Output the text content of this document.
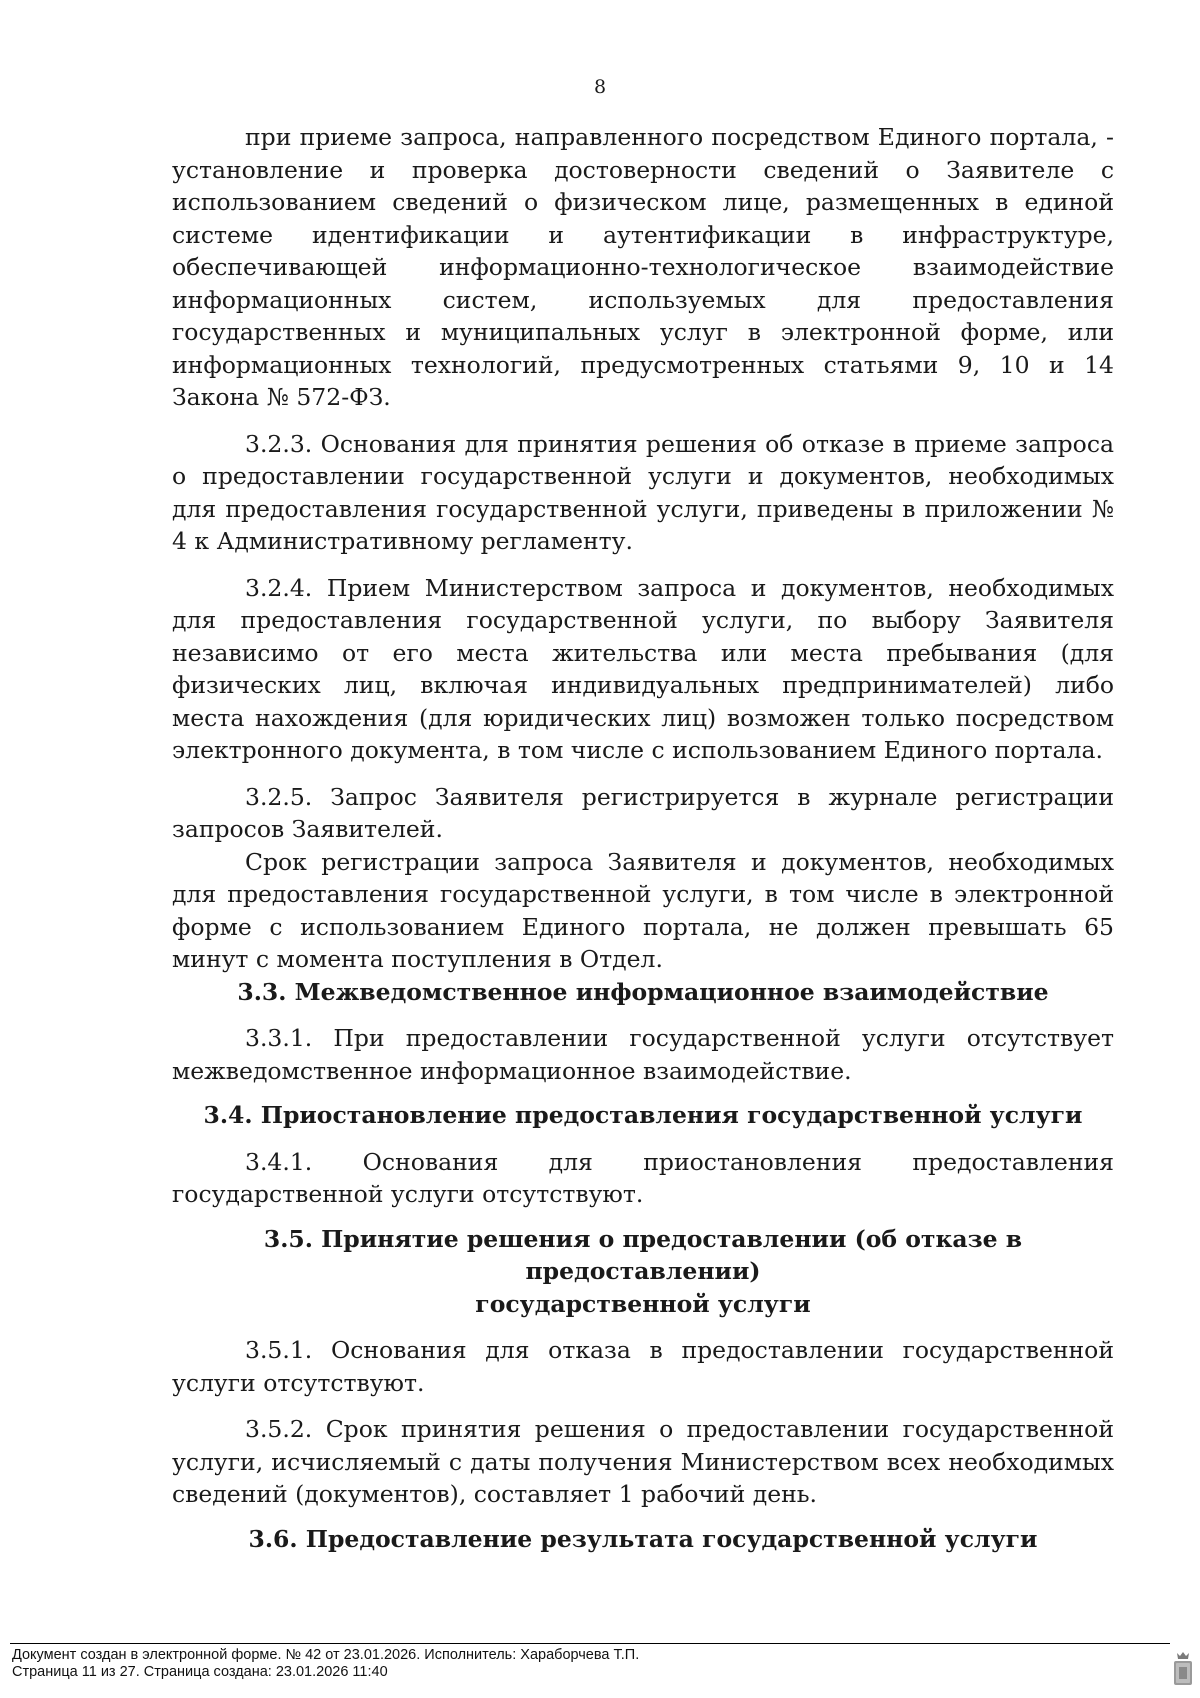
8

при приеме запроса, направленного посредством Единого портала, - установление и проверка достоверности сведений о Заявителе с использованием сведений о физическом лице, размещенных в единой системе идентификации и аутентификации в инфраструктуре, обеспечивающей информационно-технологическое взаимодействие информационных систем, используемых для предоставления государственных и муниципальных услуг в электронной форме, или информационных технологий, предусмотренных статьями 9, 10 и 14 Закона № 572-ФЗ.

3.2.3. Основания для принятия решения об отказе в приеме запроса о предоставлении государственной услуги и документов, необходимых для предоставления государственной услуги, приведены в приложении № 4 к Административному регламенту.

3.2.4. Прием Министерством запроса и документов, необходимых для предоставления государственной услуги, по выбору Заявителя независимо от его места жительства или места пребывания (для физических лиц, включая индивидуальных предпринимателей) либо места нахождения (для юридических лиц) возможен только посредством электронного документа, в том числе с использованием Единого портала.

3.2.5. Запрос Заявителя регистрируется в журнале регистрации запросов Заявителей.

Срок регистрации запроса Заявителя и документов, необходимых для предоставления государственной услуги, в том числе в электронной форме с использованием Единого портала, не должен превышать 65 минут с момента поступления в Отдел.

3.3. Межведомственное информационное взаимодействие

3.3.1. При предоставлении государственной услуги отсутствует межведомственное информационное взаимодействие.

3.4. Приостановление предоставления государственной услуги

3.4.1. Основания для приостановления предоставления государственной услуги отсутствуют.

3.5. Принятие решения о предоставлении (об отказе в предоставлении)
государственной услуги

3.5.1. Основания для отказа в предоставлении государственной услуги отсутствуют.

3.5.2. Срок принятия решения о предоставлении государственной услуги, исчисляемый с даты получения Министерством всех необходимых сведений (документов), составляет 1 рабочий день.

3.6. Предоставление результата государственной услуги
Документ создан в электронной форме. № 42 от 23.01.2026. Исполнитель: Хараборчева Т.П.
Страница 11 из 27. Страница создана: 23.01.2026 11:40
